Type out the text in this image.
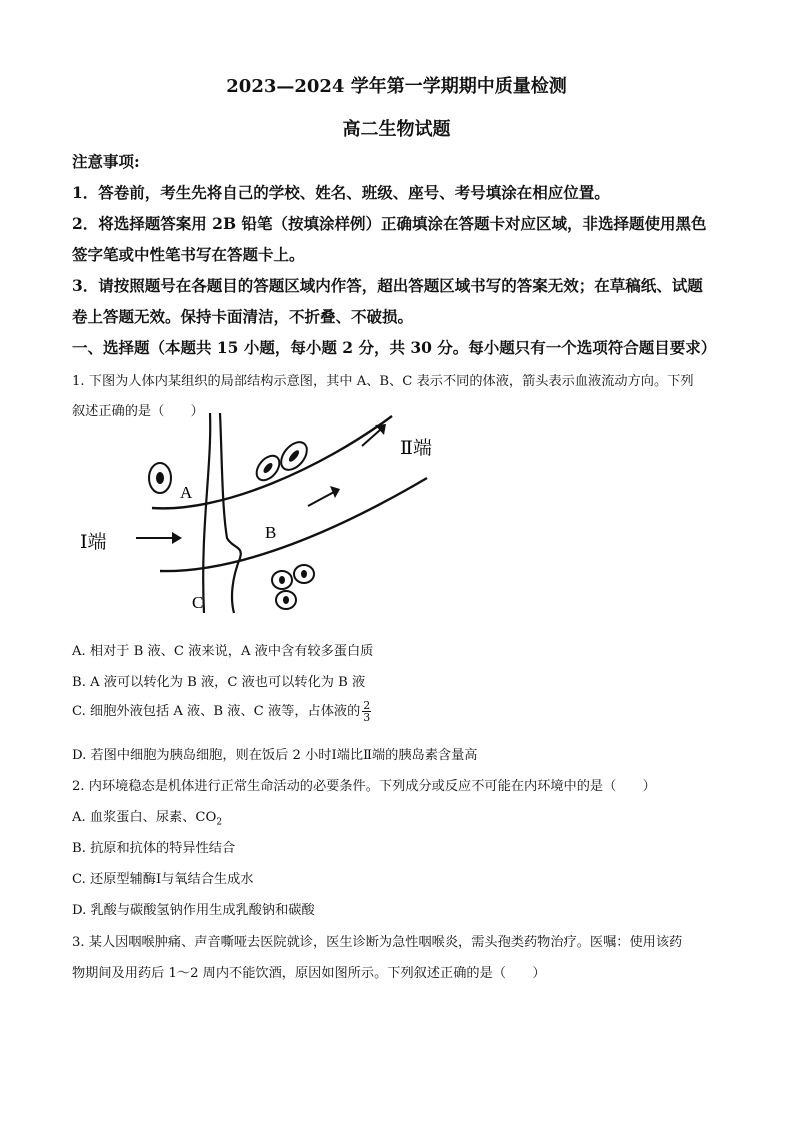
2023—2024 学年第一学期期中质量检测
高二生物试题
注意事项:
1．答卷前，考生先将自己的学校、姓名、班级、座号、考号填涂在相应位置。
2．将选择题答案用 2B 铅笔（按填涂样例）正确填涂在答题卡对应区域，非选择题使用黑色
签字笔或中性笔书写在答题卡上。
3．请按照题号在各题目的答题区域内作答，超出答题区域书写的答案无效；在草稿纸、试题
卷上答题无效。保持卡面清洁，不折叠、不破损。
一、选择题（本题共 15 小题，每小题 2 分，共 30 分。每小题只有一个选项符合题目要求）
1. 下图为人体内某组织的局部结构示意图，其中 A、B、C 表示不同的体液，箭头表示血液流动方向。下列
叙述正确的是（　　）
A
B
C
Ⅰ端
Ⅱ端
A. 相对于 B 液、C 液来说，A 液中含有较多蛋白质
B. A 液可以转化为 B 液，C 液也可以转化为 B 液
C. 细胞外液包括 A 液、B 液、C 液等，占体液的 $\frac{2}{3}$
D. 若图中细胞为胰岛细胞，则在饭后 2 小时Ⅰ端比Ⅱ端的胰岛素含量高
2. 内环境稳态是机体进行正常生命活动的必要条件。下列成分或反应不可能在内环境中的是（　　）
A. 血浆蛋白、尿素、$CO_2$
B. 抗原和抗体的特异性结合
C. 还原型辅酶Ⅰ与氧结合生成水
D. 乳酸与碳酸氢钠作用生成乳酸钠和碳酸
3. 某人因咽喉肿痛、声音嘶哑去医院就诊，医生诊断为急性咽喉炎，需头孢类药物治疗。医嘱：使用该药
物期间及用药后 1～2 周内不能饮酒，原因如图所示。下列叙述正确的是（　　）
